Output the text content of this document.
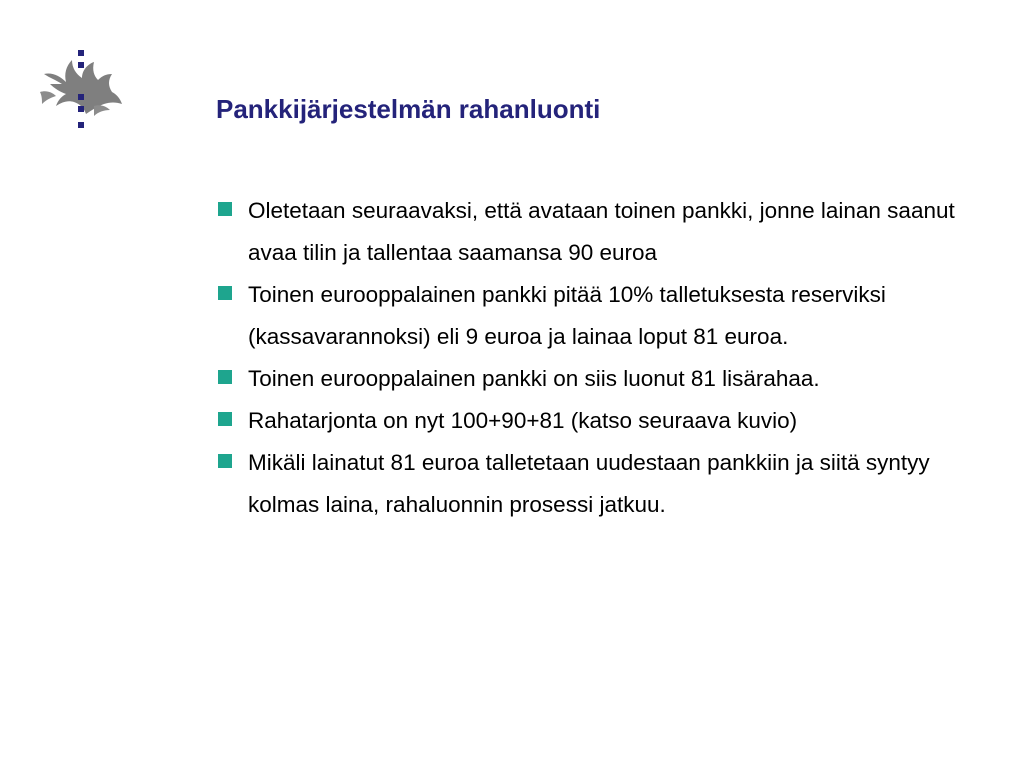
Pankkijärjestelmän rahanluonti
Oletetaan seuraavaksi, että avataan toinen pankki, jonne lainan saanut avaa tilin ja tallentaa saamansa 90 euroa
Toinen eurooppalainen pankki pitää 10% talletuksesta reserviksi (kassavarannoksi) eli 9 euroa ja lainaa loput 81 euroa.
Toinen eurooppalainen pankki on siis luonut 81 lisärahaa.
Rahatarjonta on nyt 100+90+81 (katso seuraava kuvio)
Mikäli lainatut 81 euroa talletetaan uudestaan pankkiin ja siitä syntyy kolmas laina, rahaluonnin prosessi jatkuu.
